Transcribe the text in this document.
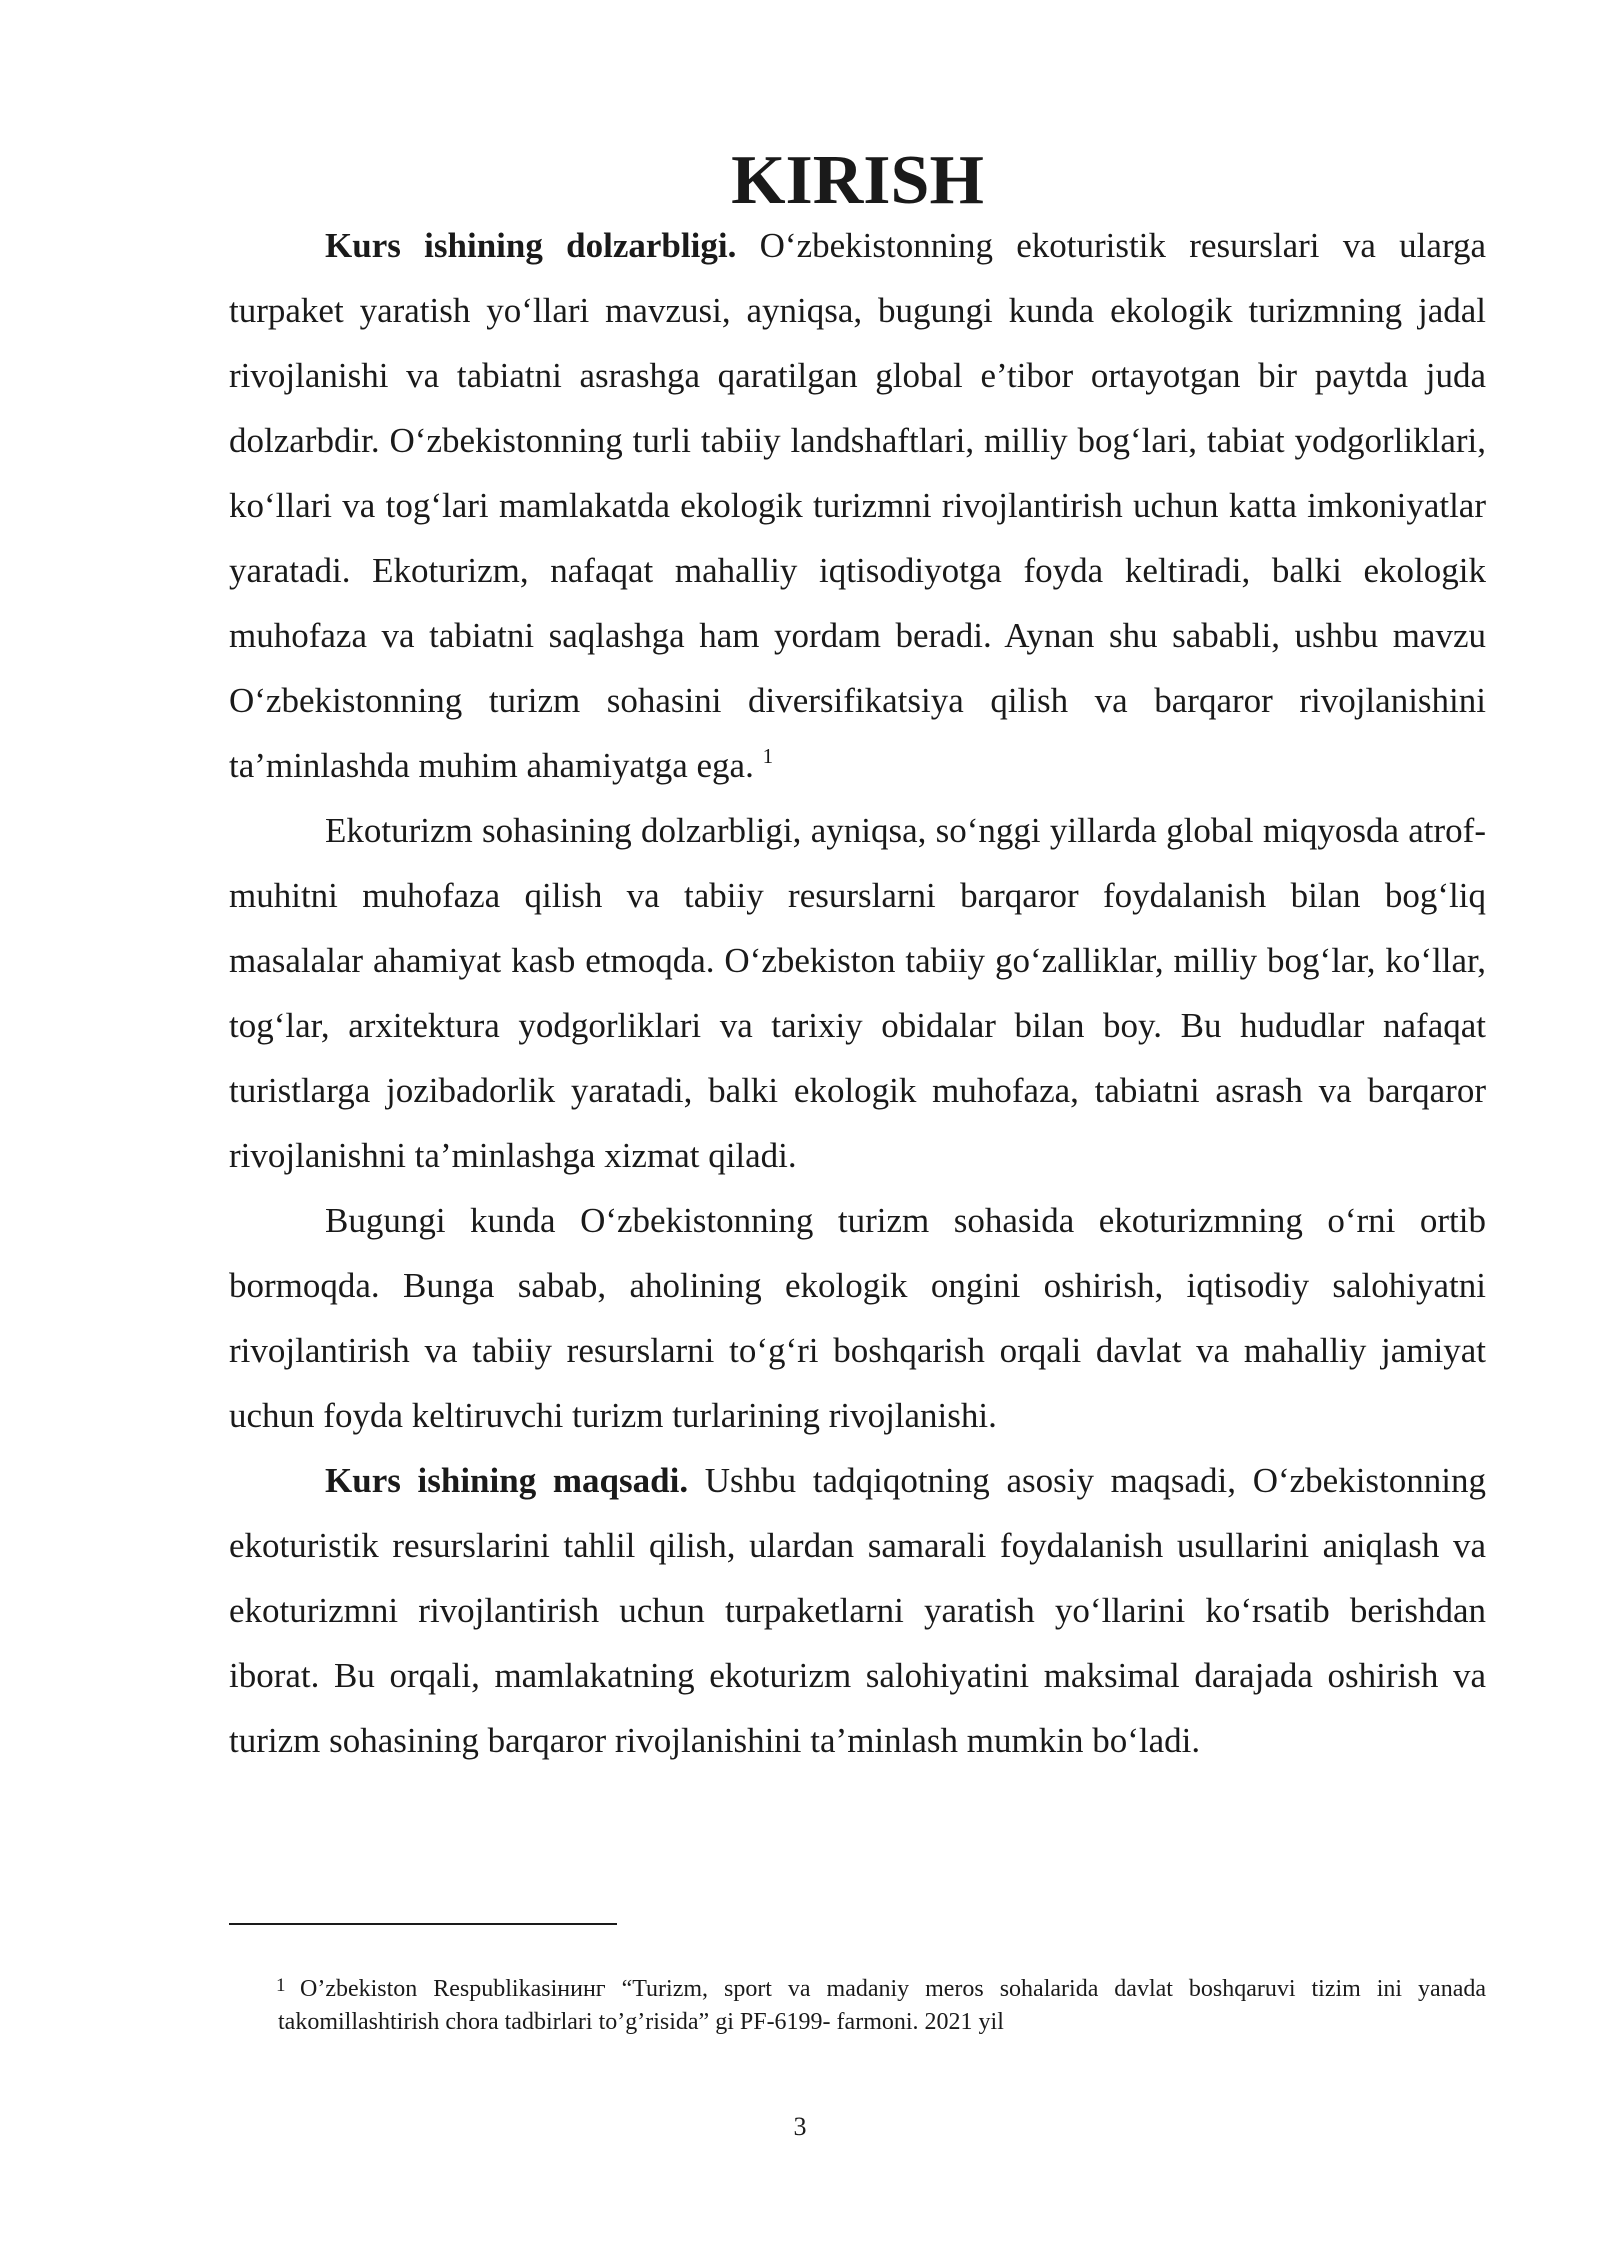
KIRISH

Kurs ishining dolzarbligi. O‘zbekistonning ekoturistik resurslari va ularga turpaket yaratish yo‘llari mavzusi, ayniqsa, bugungi kunda ekologik turizmning jadal rivojlanishi va tabiatni asrashga qaratilgan global e’tibor ortayotgan bir paytda juda dolzarbdir. O‘zbekistonning turli tabiiy landshaftlari, milliy bog‘lari, tabiat yodgorliklari, ko‘llari va tog‘lari mamlakatda ekologik turizmni rivojlantirish uchun katta imkoniyatlar yaratadi. Ekoturizm, nafaqat mahalliy iqtisodiyotga foyda keltiradi, balki ekologik muhofaza va tabiatni saqlashga ham yordam beradi. Aynan shu sababli, ushbu mavzu O‘zbekistonning turizm sohasini diversifikatsiya qilish va barqaror rivojlanishini ta’minlashda muhim ahamiyatga ega. $^1$

Ekoturizm sohasining dolzarbligi, ayniqsa, so‘nggi yillarda global miqyosda atrof-muhitni muhofaza qilish va tabiiy resurslarni barqaror foydalanish bilan bog‘liq masalalar ahamiyat kasb etmoqda. O‘zbekiston tabiiy go‘zalliklar, milliy bog‘lar, ko‘llar, tog‘lar, arxitektura yodgorliklari va tarixiy obidalar bilan boy. Bu hududlar nafaqat turistlarga jozibadorlik yaratadi, balki ekologik muhofaza, tabiatni asrash va barqaror rivojlanishni ta’minlashga xizmat qiladi.

Bugungi kunda O‘zbekistonning turizm sohasida ekoturizmning o‘rni ortib bormoqda. Bunga sabab, aholining ekologik ongini oshirish, iqtisodiy salohiyatni rivojlantirish va tabiiy resurslarni to‘g‘ri boshqarish orqali davlat va mahalliy jamiyat uchun foyda keltiruvchi turizm turlarining rivojlanishi.

Kurs ishining maqsadi. Ushbu tadqiqotning asosiy maqsadi, O‘zbekistonning ekoturistik resurslarini tahlil qilish, ulardan samarali foydalanish usullarini aniqlash va ekoturizmni rivojlantirish uchun turpaketlarni yaratish yo‘llarini ko‘rsatib berishdan iborat. Bu orqali, mamlakatning ekoturizm salohiyatini maksimal darajada oshirish va turizm sohasining barqaror rivojlanishini ta’minlash mumkin bo‘ladi.

1 O’zbekiston Respublikasiнинг “Turizm, sport va madaniy meros sohalarida davlat boshqaruvi tizim ini yanada takomillashtirish chora tadbirlari to’g’risida” gi PF-6199- farmoni. 2021 yil

3
